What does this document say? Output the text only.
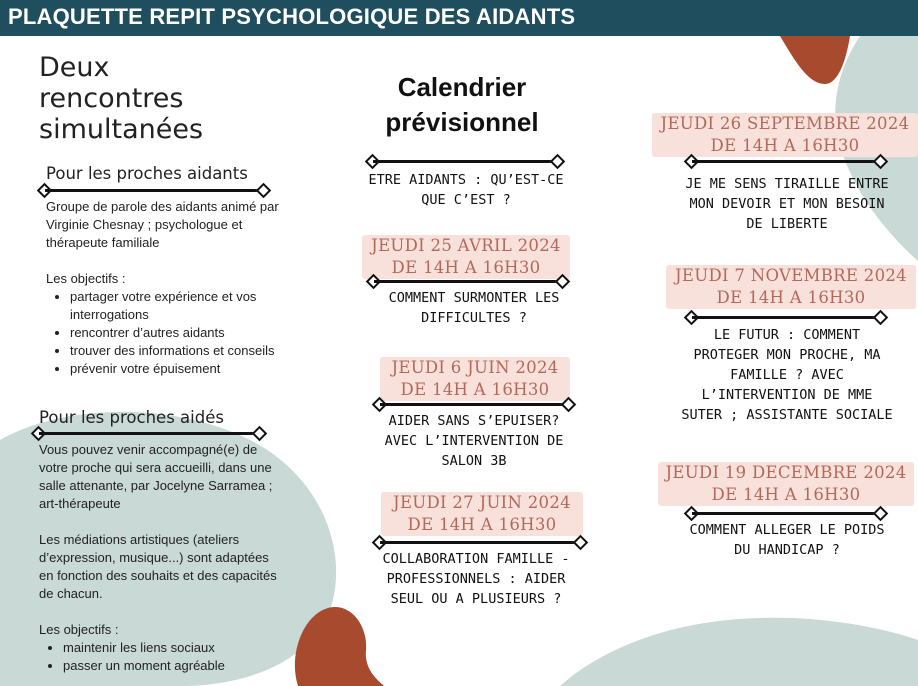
PLAQUETTE REPIT PSYCHOLOGIQUE DES AIDANTS
Deux
rencontres
simultanées
Pour les proches aidants

Groupe de parole des aidants animé par Virginie Chesnay ; psychologue et thérapeute familiale

Les objectifs :

• partager votre expérience et vos interrogations
• rencontrer d’autres aidants
• trouver des informations et conseils
• prévenir votre épuisement
Pour les proches aidés

Vous pouvez venir accompagné(e) de votre proche qui sera accueilli, dans une salle attenante, par Jocelyne Sarramea ; art-thérapeute

Les médiations artistiques (ateliers d’expression, musique...) sont adaptées en fonction des souhaits et des capacités de chacun.

Les objectifs :

• maintenir les liens sociaux
• passer un moment agréable
Calendrier
prévisionnel
ETRE AIDANTS : QU’EST-CE
QUE C’EST ?
JEUDI 25 AVRIL 2024
DE 14H A 16H30
COMMENT SURMONTER LES
DIFFICULTES ?
JEUDI 6 JUIN 2024
DE 14H A 16H30
AIDER SANS S’EPUISER?
AVEC L’INTERVENTION DE
SALON 3B
JEUDI 27 JUIN 2024
DE 14H A 16H30
COLLABORATION FAMILLE -
PROFESSIONNELS : AIDER
SEUL OU A PLUSIEURS ?
JEUDI 26 SEPTEMBRE 2024
DE 14H A 16H30
JE ME SENS TIRAILLE ENTRE
MON DEVOIR ET MON BESOIN
DE LIBERTE
JEUDI 7 NOVEMBRE 2024
DE 14H A 16H30
LE FUTUR : COMMENT
PROTEGER MON PROCHE, MA
FAMILLE ? AVEC
L’INTERVENTION DE MME
SUTER ; ASSISTANTE SOCIALE
JEUDI 19 DECEMBRE 2024
DE 14H A 16H30
COMMENT ALLEGER LE POIDS
DU HANDICAP ?
